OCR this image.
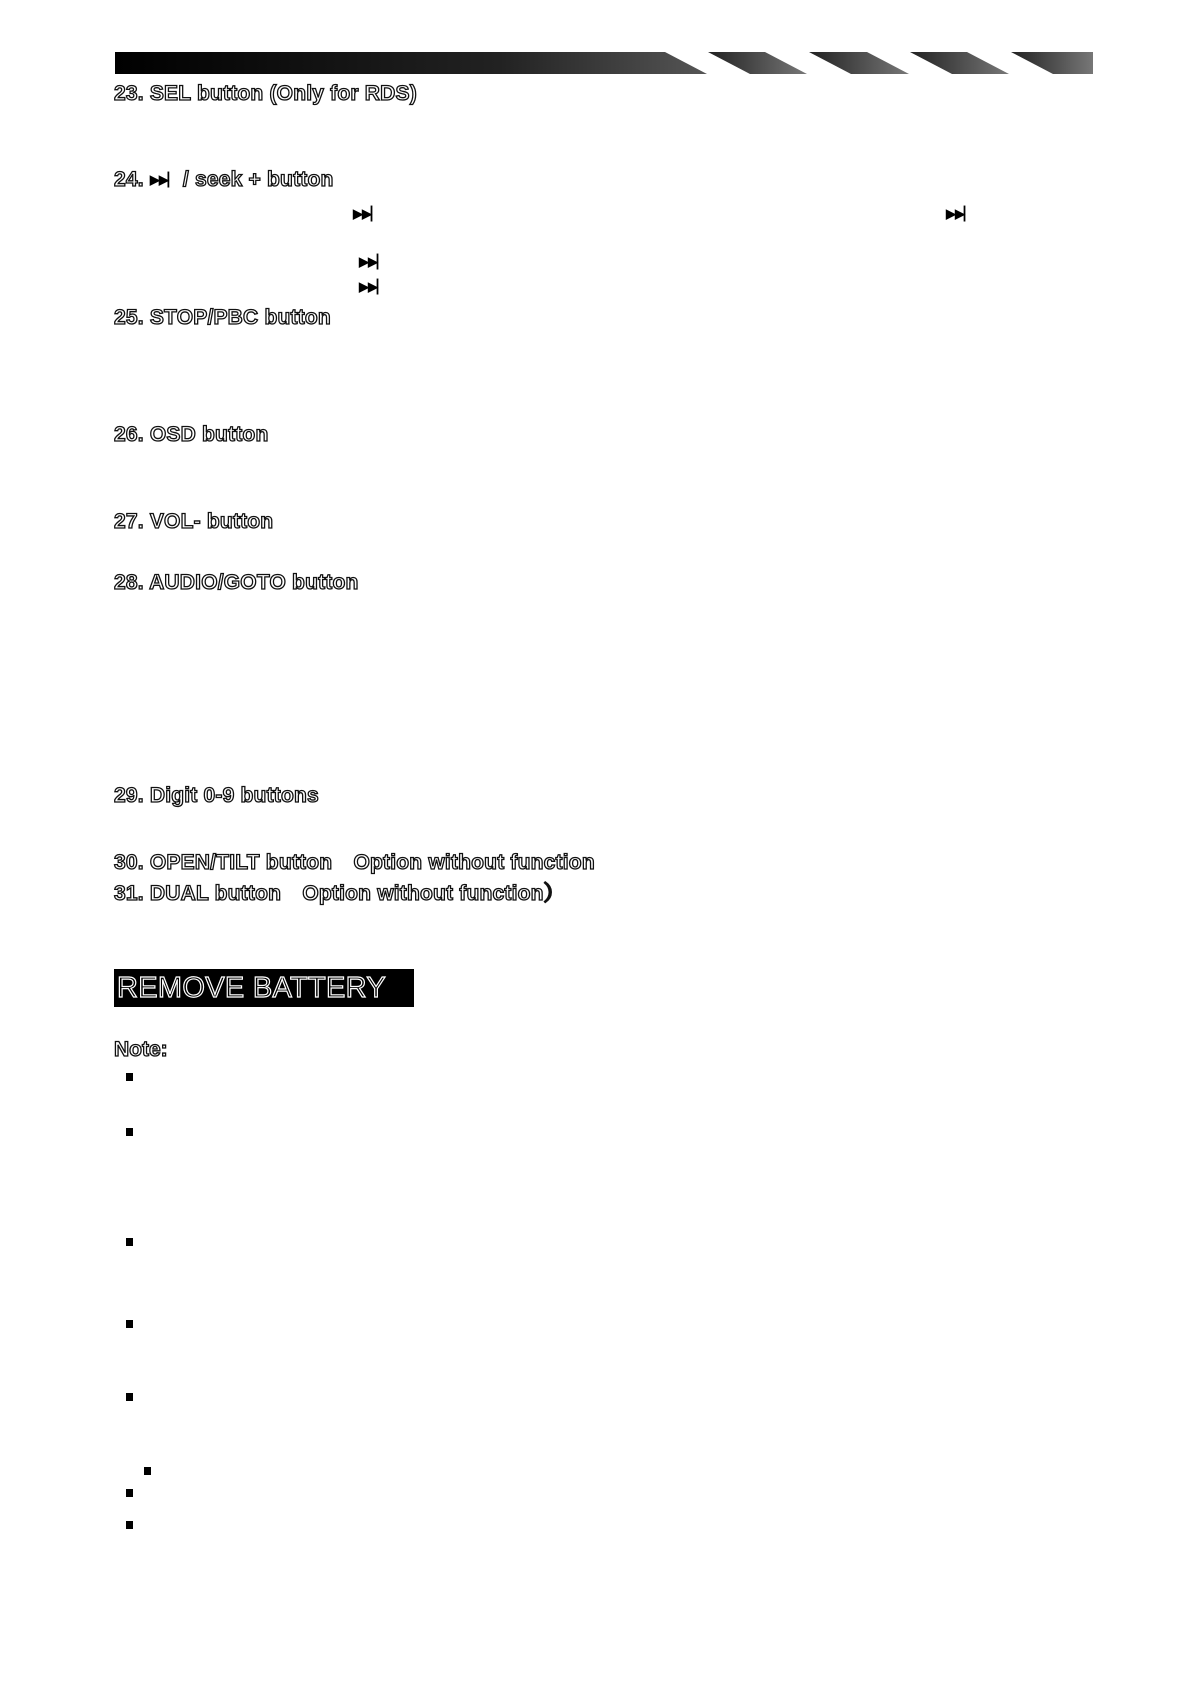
23. SEL button (Only for RDS)
24. ▶▶▏ / seek + button
▶▶▏	▶▶▏
▶▶▏
▶▶▏
25. STOP/PBC button
26. OSD button
27. VOL- button
28. AUDIO/GOTO button
29. Digit 0-9 buttons
30. OPEN/TILT button　Option without function
31. DUAL button　Option without function）
REMOVE BATTERY
Note:
